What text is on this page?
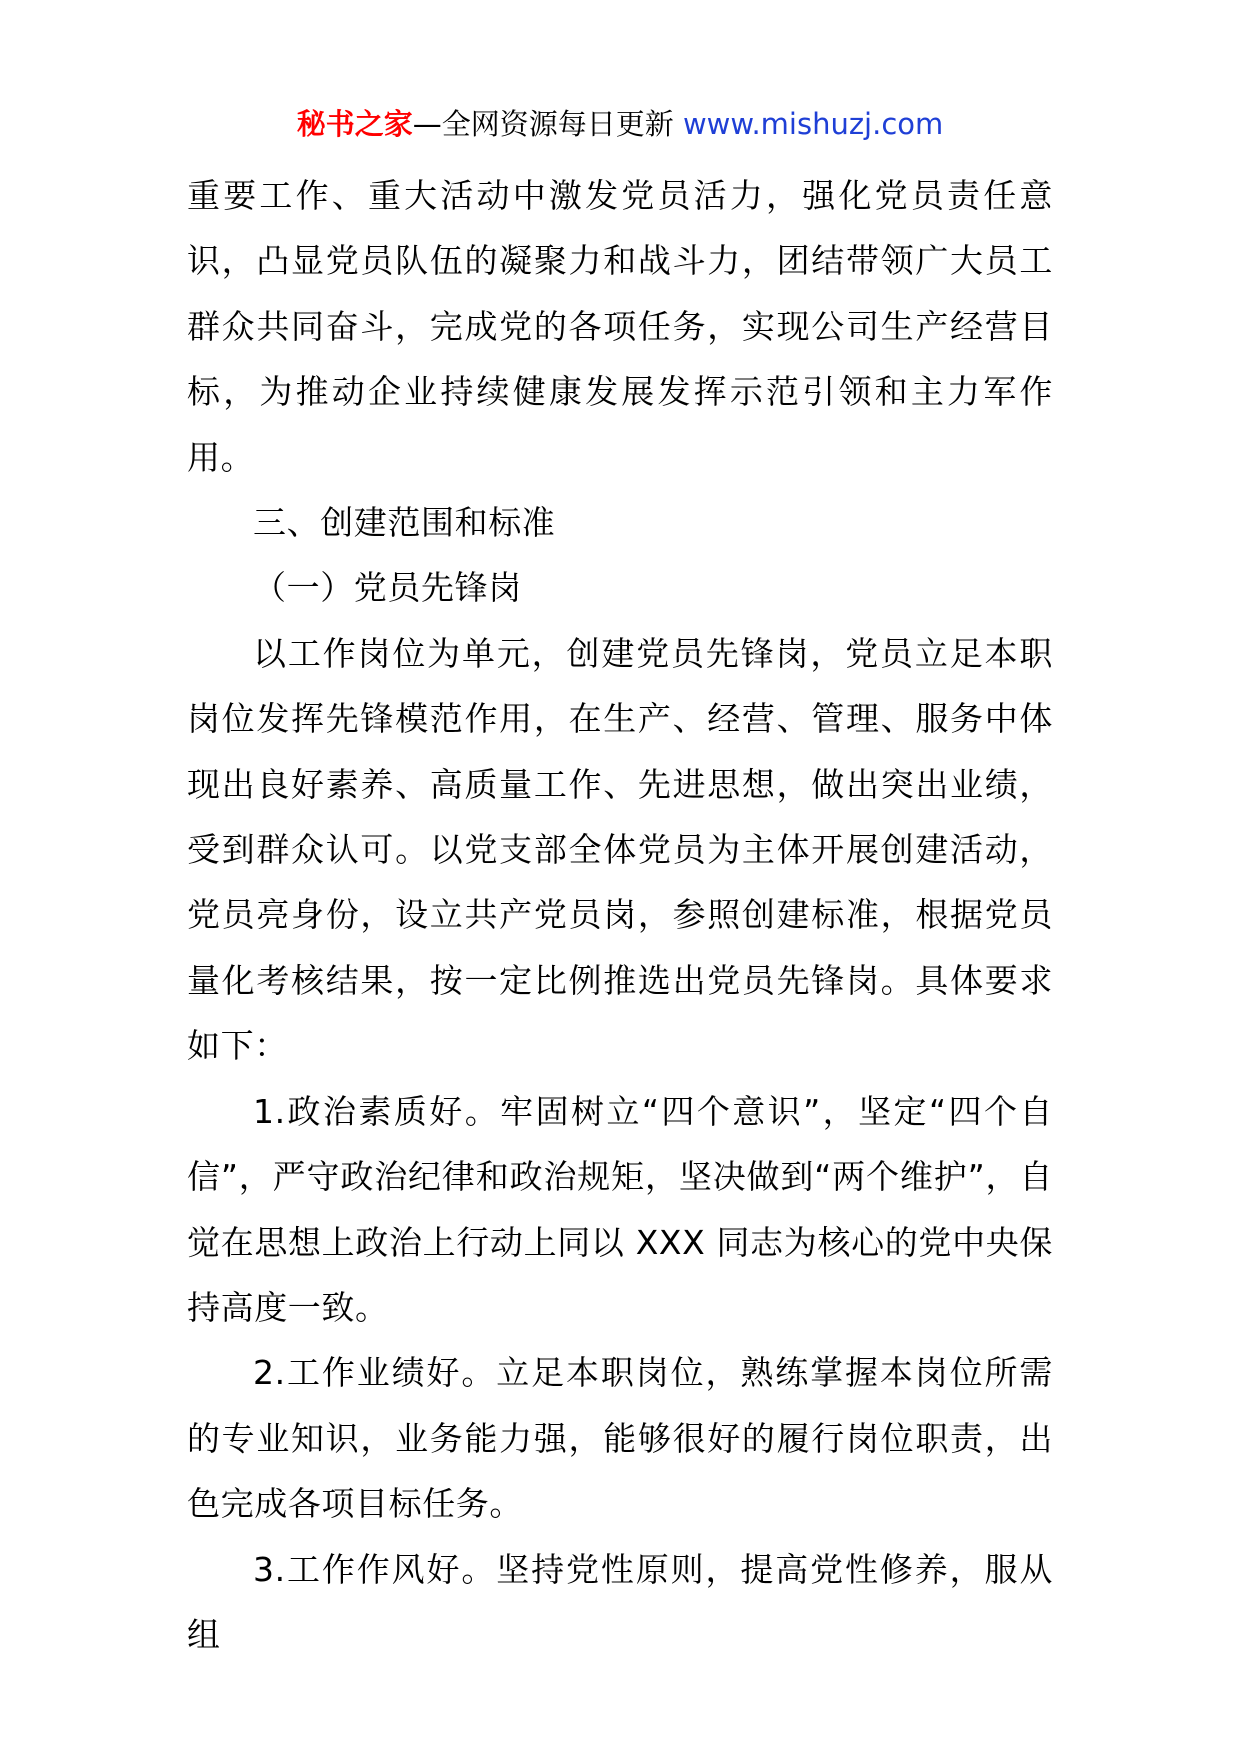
秘书之家—全网资源每日更新 www.mishuzj.com

重要工作、重大活动中激发党员活力，强化党员责任意识，凸显党员队伍的凝聚力和战斗力，团结带领广大员工群众共同奋斗，完成党的各项任务，实现公司生产经营目标，为推动企业持续健康发展发挥示范引领和主力军作用。

三、创建范围和标准

（一）党员先锋岗

以工作岗位为单元，创建党员先锋岗，党员立足本职岗位发挥先锋模范作用，在生产、经营、管理、服务中体现出良好素养、高质量工作、先进思想，做出突出业绩，受到群众认可。以党支部全体党员为主体开展创建活动，党员亮身份，设立共产党员岗，参照创建标准，根据党员量化考核结果，按一定比例推选出党员先锋岗。具体要求如下：

1.政治素质好。牢固树立“四个意识”，坚定“四个自信”，严守政治纪律和政治规矩，坚决做到“两个维护”，自觉在思想上政治上行动上同以 XXX 同志为核心的党中央保持高度一致。

2.工作业绩好。立足本职岗位，熟练掌握本岗位所需的专业知识，业务能力强，能够很好的履行岗位职责，出色完成各项目标任务。

3.工作作风好。坚持党性原则，提高党性修养，服从组
